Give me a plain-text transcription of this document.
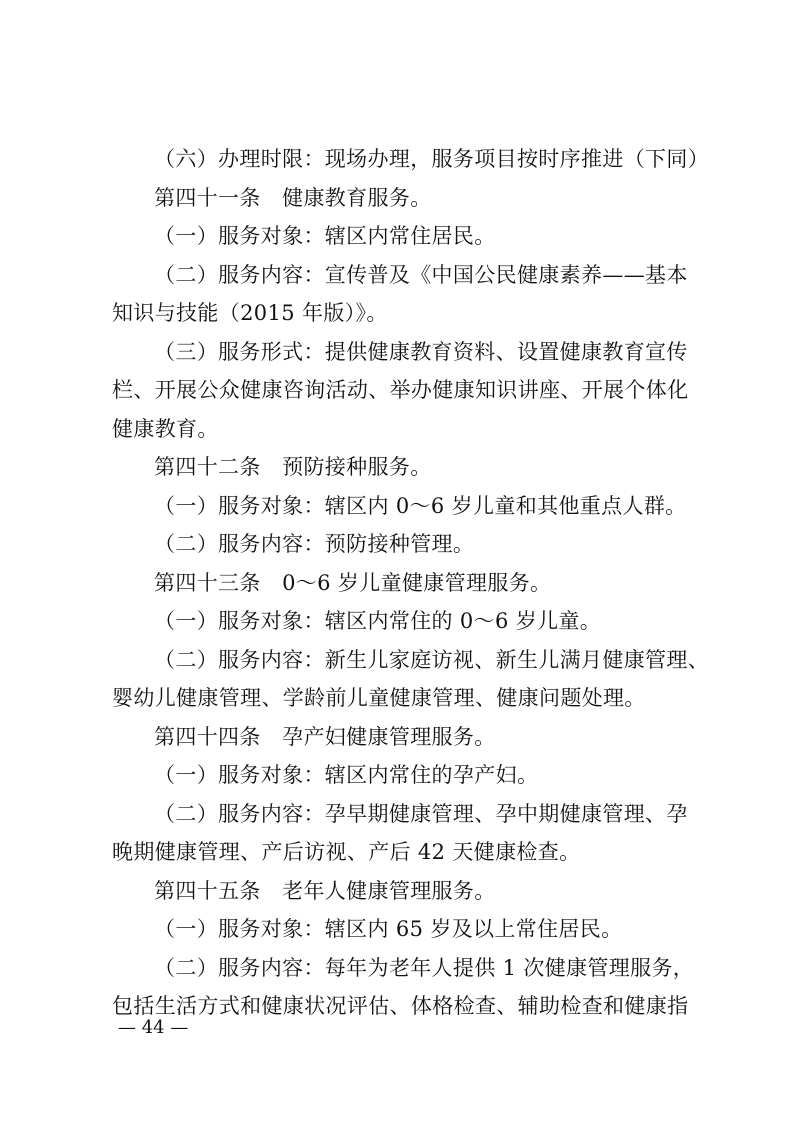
（六）办理时限：现场办理，服务项目按时序推进（下同）
第四十一条　健康教育服务。
（一）服务对象：辖区内常住居民。
（二）服务内容：宣传普及《中国公民健康素养——基本
知识与技能（2015 年版）》。
（三）服务形式：提供健康教育资料、设置健康教育宣传
栏、开展公众健康咨询活动、举办健康知识讲座、开展个体化
健康教育。
第四十二条　预防接种服务。
（一）服务对象：辖区内 0～6 岁儿童和其他重点人群。
（二）服务内容：预防接种管理。
第四十三条　0～6 岁儿童健康管理服务。
（一）服务对象：辖区内常住的 0～6 岁儿童。
（二）服务内容：新生儿家庭访视、新生儿满月健康管理、
婴幼儿健康管理、学龄前儿童健康管理、健康问题处理。
第四十四条　孕产妇健康管理服务。
（一）服务对象：辖区内常住的孕产妇。
（二）服务内容：孕早期健康管理、孕中期健康管理、孕
晚期健康管理、产后访视、产后 42 天健康检查。
第四十五条　老年人健康管理服务。
（一）服务对象：辖区内 65 岁及以上常住居民。
（二）服务内容：每年为老年人提供 1 次健康管理服务，
包括生活方式和健康状况评估、体格检查、辅助检查和健康指
— 44 —
